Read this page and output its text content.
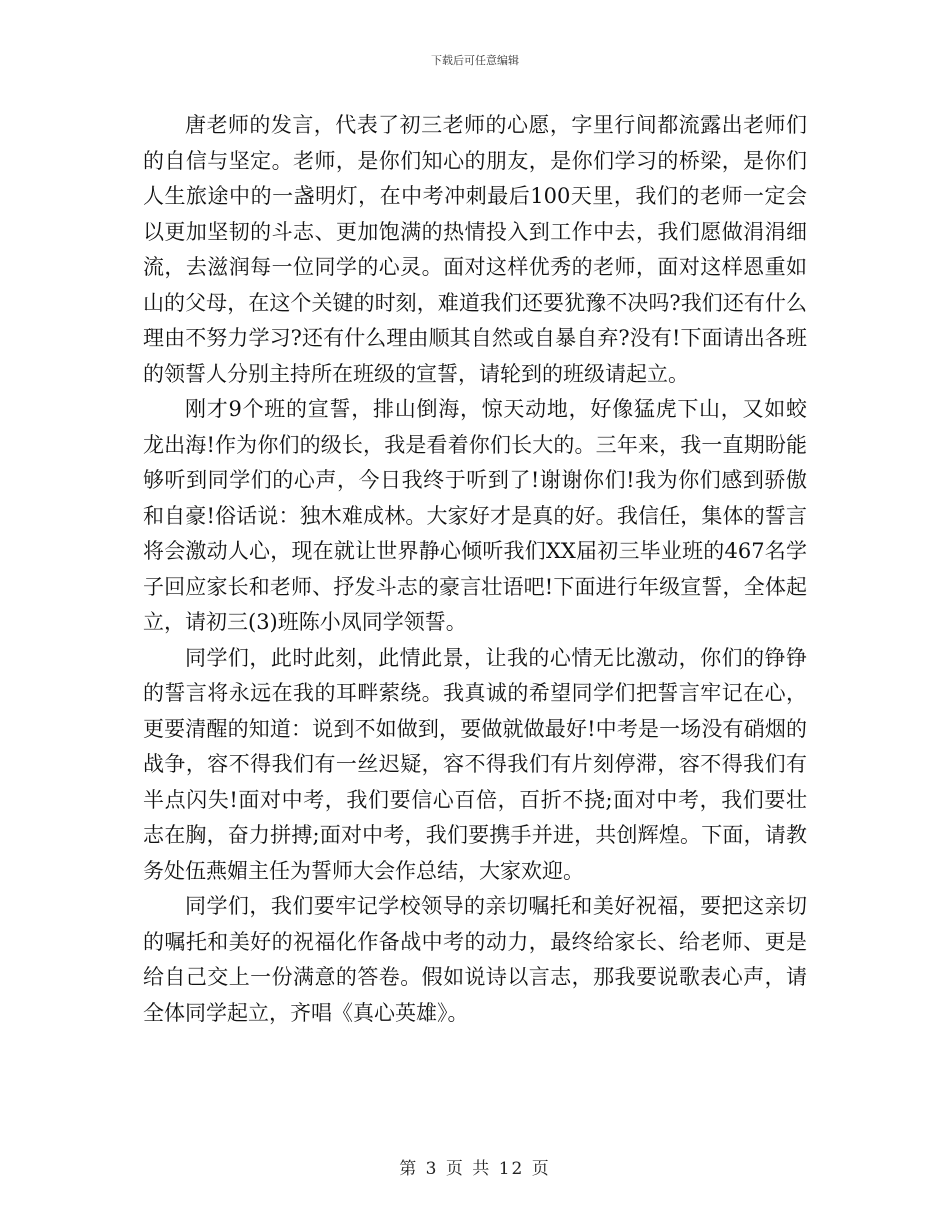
下载后可任意编辑

唐老师的发言，代表了初三老师的心愿，字里行间都流露出老师们的自信与坚定。老师，是你们知心的朋友，是你们学习的桥梁，是你们人生旅途中的一盏明灯，在中考冲刺最后100天里，我们的老师一定会以更加坚韧的斗志、更加饱满的热情投入到工作中去，我们愿做涓涓细流，去滋润每一位同学的心灵。面对这样优秀的老师，面对这样恩重如山的父母，在这个关键的时刻，难道我们还要犹豫不决吗?我们还有什么理由不努力学习?还有什么理由顺其自然或自暴自弃?没有!下面请出各班的领誓人分别主持所在班级的宣誓，请轮到的班级请起立。

刚才9个班的宣誓，排山倒海，惊天动地，好像猛虎下山，又如蛟龙出海!作为你们的级长，我是看着你们长大的。三年来，我一直期盼能够听到同学们的心声，今日我终于听到了!谢谢你们!我为你们感到骄傲和自豪!俗话说：独木难成林。大家好才是真的好。我信任，集体的誓言将会激动人心，现在就让世界静心倾听我们XX届初三毕业班的467名学子回应家长和老师、抒发斗志的豪言壮语吧!下面进行年级宣誓，全体起立，请初三(3)班陈小凤同学领誓。

同学们，此时此刻，此情此景，让我的心情无比激动，你们的铮铮的誓言将永远在我的耳畔萦绕。我真诚的希望同学们把誓言牢记在心，更要清醒的知道：说到不如做到，要做就做最好!中考是一场没有硝烟的战争，容不得我们有一丝迟疑，容不得我们有片刻停滞，容不得我们有半点闪失!面对中考，我们要信心百倍，百折不挠;面对中考，我们要壮志在胸，奋力拼搏;面对中考，我们要携手并进，共创辉煌。下面，请教务处伍燕媚主任为誓师大会作总结，大家欢迎。

同学们，我们要牢记学校领导的亲切嘱托和美好祝福，要把这亲切的嘱托和美好的祝福化作备战中考的动力，最终给家长、给老师、更是给自己交上一份满意的答卷。假如说诗以言志，那我要说歌表心声，请全体同学起立，齐唱《真心英雄》。

第 3 页 共 12 页
